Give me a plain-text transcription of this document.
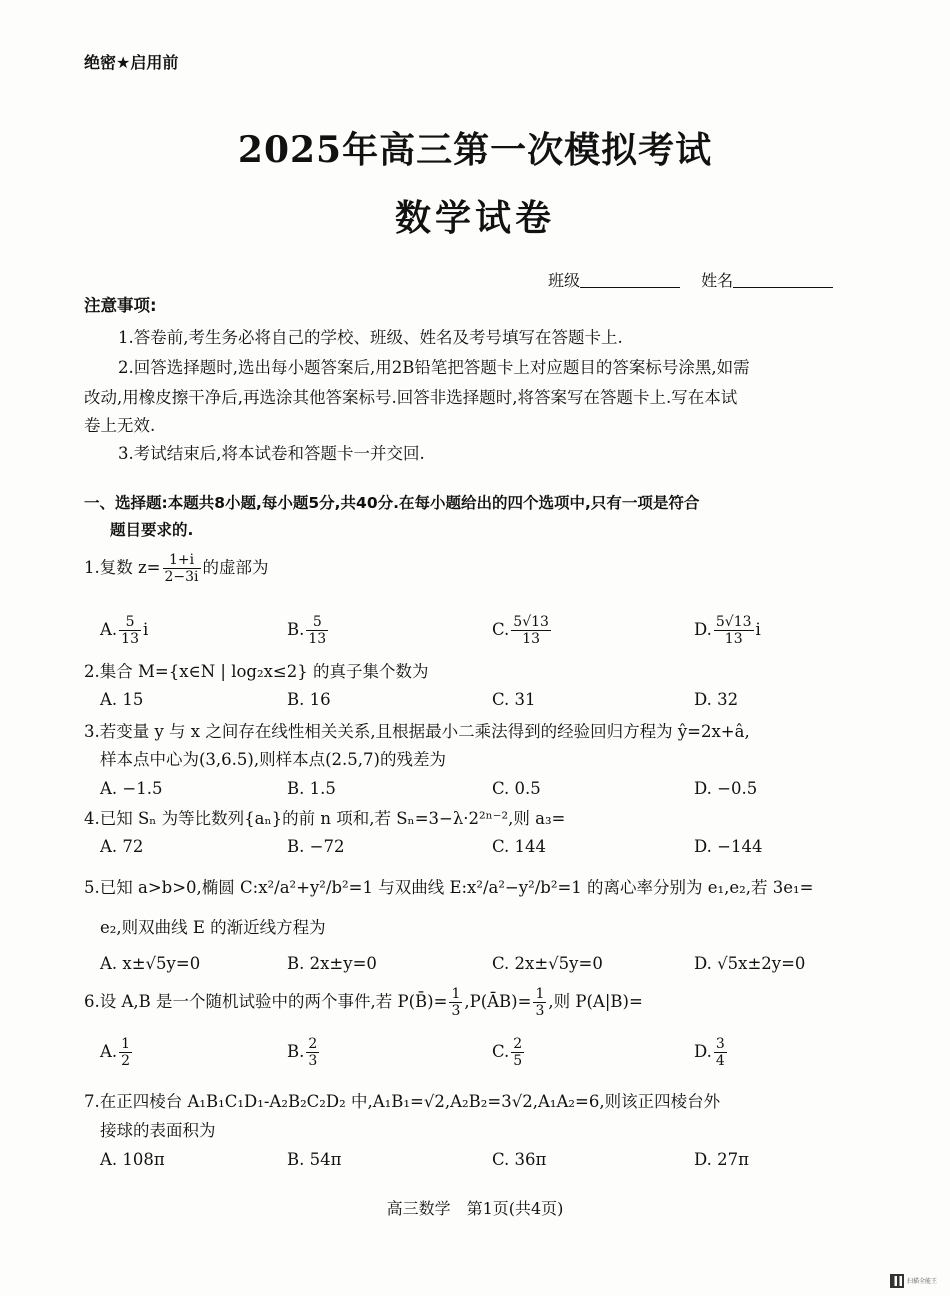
绝密★启用前
2025年高三第一次模拟考试
数学试卷
班级	姓名
注意事项:
1.答卷前,考生务必将自己的学校、班级、姓名及考号填写在答题卡上.
2.回答选择题时,选出每小题答案后,用2B铅笔把答题卡上对应题目的答案标号涂黑,如需
改动,用橡皮擦干净后,再选涂其他答案标号.回答非选择题时,将答案写在答题卡上.写在本试
卷上无效.
3.考试结束后,将本试卷和答题卡一并交回.
一、选择题:本题共8小题,每小题5分,共40分.在每小题给出的四个选项中,只有一项是符合
题目要求的.
1.复数 $z= \frac{1+i}{2-3i}$ 的虚部为
A. $\frac{5}{13}$ i	B. $\frac{5}{13}$	C. $\frac{5√13}{13}$	D. $\frac{5√13}{13}$ i
2.集合 M={x∈N | log₂x≤2} 的真子集个数为
A. 15	B. 16	C. 31	D. 32
3.若变量 y 与 x 之间存在线性相关关系,且根据最小二乘法得到的经验回归方程为 ŷ=2x+â,
样本点中心为(3,6.5),则样本点(2.5,7)的残差为
A. −1.5	B. 1.5	C. 0.5	D. −0.5
4.已知 Sₙ 为等比数列{aₙ}的前 n 项和,若 Sₙ=3−λ·2²ⁿ⁻²,则 a₃=
A. 72	B. −72	C. 144	D. −144
5.已知 a>b>0,椭圆 C:x²/a²+y²/b²=1 与双曲线 E:x²/a²−y²/b²=1 的离心率分别为 e₁,e₂,若 3e₁=
e₂,则双曲线 E 的渐近线方程为
A. x±√5y=0	B. 2x±y=0	C. 2x±√5y=0	D. √5x±2y=0
6.设 A,B 是一个随机试验中的两个事件,若 P(B̄)= $\frac{1}{3}$ ,P(ĀB)= $\frac{1}{3}$ ,则 P(A|B)=
A. $\frac{1}{2}$	B. $\frac{2}{3}$	C. $\frac{2}{5}$	D. $\frac{3}{4}$
7.在正四棱台 A₁B₁C₁D₁-A₂B₂C₂D₂ 中,A₁B₁=√2,A₂B₂=3√2,A₁A₂=6,则该正四棱台外
接球的表面积为
A. 108π	B. 54π	C. 36π	D. 27π
高三数学　第1页(共4页)
扫描全能王
